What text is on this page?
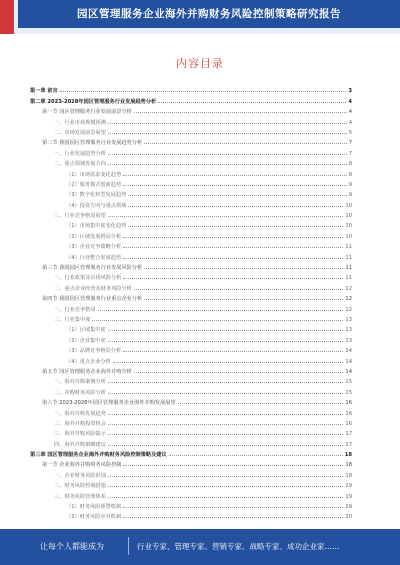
园区管理服务企业海外并购财务风险控制策略研究报告
内容目录
第一章 前言	3
第二章 2023-2028年园区管理服务行业发展趋势分析	4
第一节 园区管理服务行业发展前景分析	4
一、行业市场规模预测	4
二、市场发展前景展望	5
第二节 我国园区管理服务行业发展趋势分析	7
一、行业发展趋势分析	7
二、重点领域发展方向	8
（1）市场需求变化趋势	8
（2）服务模式创新趋势	9
（3）数字化转型发展趋势	9
（4）投资方向与重点领域	10
三、行业竞争格局展望	10
（1）市场集中度变化趋势	10
（2）区域发展格局分析	10
（3）企业竞争策略分析	11
（4）行业整合发展趋势	11
第三节 我国园区管理服务行业发展风险分析	11
一、行业政策及市场风险分析	11
二、重点企业经营及财务风险分析	12
第四节 我国园区管理服务行业重点企业分析	12
一、行业竞争格局	12
二、行业集中度	13
（1）区域集中度	13
（2）企业集中度	13
（3）品牌竞争格局分析	14
（4）重点企业分析	14
第五节 园区管理服务企业海外并购分析	14
一、海外并购案例分析	15
二、并购财务风险分析	15
第六节 2023-2028年园区管理服务企业海外并购发展展望	16
一、海外并购发展趋势	16
二、海外并购投资机会	16
三、海外并购风险提示	17
四、海外并购策略建议	17
第三章 园区管理服务企业海外并购财务风险控制策略及建议	18
第一节 企业海外并购财务风险控制	18
一、企业财务风险识别	18
二、财务风险控制措施	19
三、财务风险管理体系	19
（1）财务风险预警机制	19
（2）财务风险应对机制	20
让每个人都能成为	行业专家、管理专家、营销专家、战略专家、成功企业家……
